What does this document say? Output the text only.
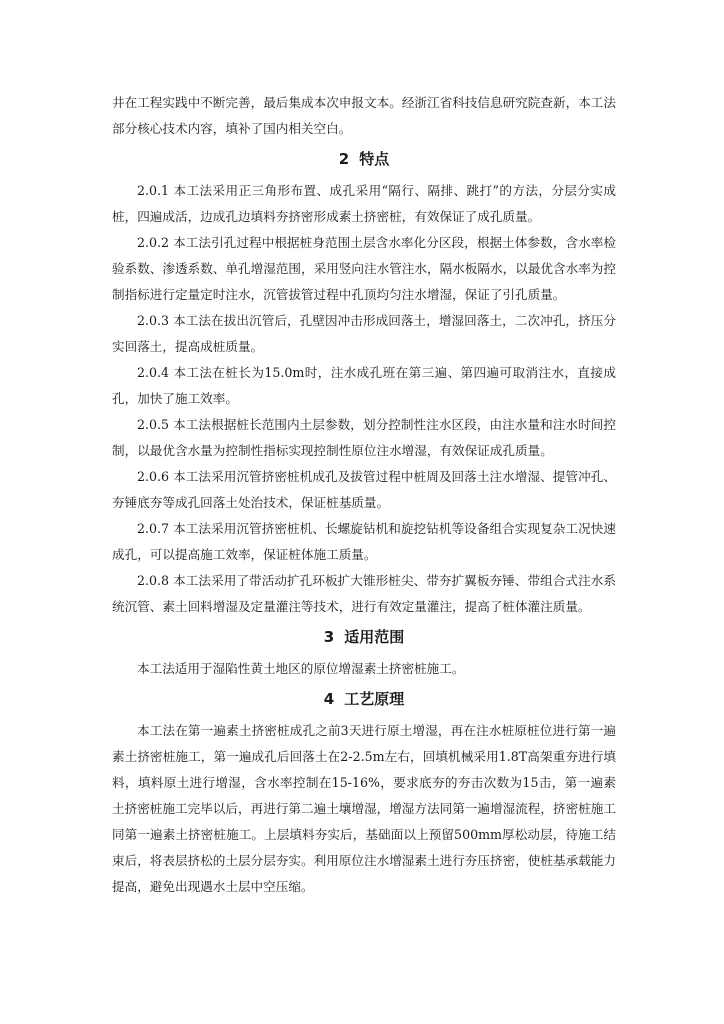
井在工程实践中不断完善，最后集成本次申报文本。经浙江省科技信息研究院查新，本工法部分核心技术内容，填补了国内相关空白。

2 特点

2.0.1 本工法采用正三角形布置、成孔采用“隔行、隔排、跳打”的方法，分层分实成桩，四遍成活，边成孔边填料夯挤密形成素土挤密桩，有效保证了成孔质量。

2.0.2 本工法引孔过程中根据桩身范围土层含水率化分区段，根据土体参数，含水率检验系数、渗透系数、单孔增湿范围，采用竖向注水管注水，隔水板隔水，以最优含水率为控制指标进行定量定时注水，沉管拔管过程中孔顶均匀注水增湿，保证了引孔质量。

2.0.3 本工法在拔出沉管后，孔壁因冲击形成回落土，增湿回落土，二次冲孔，挤压分实回落土，提高成桩质量。

2.0.4 本工法在桩长为15.0m时，注水成孔班在第三遍、第四遍可取消注水，直接成孔，加快了施工效率。

2.0.5 本工法根据桩长范围内土层参数，划分控制性注水区段，由注水量和注水时间控制，以最优含水量为控制性指标实现控制性原位注水增湿，有效保证成孔质量。

2.0.6 本工法采用沉管挤密桩机成孔及拔管过程中桩周及回落土注水增湿、提管冲孔、夯锤底夯等成孔回落土处治技术，保证桩基质量。

2.0.7 本工法采用沉管挤密桩机、长螺旋钻机和旋挖钻机等设备组合实现复杂工况快速成孔，可以提高施工效率，保证桩体施工质量。

2.0.8 本工法采用了带活动扩孔环板扩大锥形桩尖、带夯扩翼板夯锤、带组合式注水系统沉管、素土回料增湿及定量灌注等技术，进行有效定量灌注，提高了桩体灌注质量。

3 适用范围

本工法适用于湿陷性黄土地区的原位增湿素土挤密桩施工。

4 工艺原理

本工法在第一遍素土挤密桩成孔之前3天进行原土增湿，再在注水桩原桩位进行第一遍素土挤密桩施工，第一遍成孔后回落土在2-2.5m左右，回填机械采用1.8T高架重夯进行填料，填料原土进行增湿，含水率控制在15-16%，要求底夯的夯击次数为15击，第一遍素土挤密桩施工完毕以后，再进行第二遍土壤增湿，增湿方法同第一遍增湿流程，挤密桩施工同第一遍素土挤密桩施工。上层填料夯实后，基础面以上预留500mm厚松动层，待施工结束后，将表层挤松的土层分层夯实。利用原位注水增湿素土进行夯压挤密，使桩基承载能力提高，避免出现遇水土层中空压缩。
